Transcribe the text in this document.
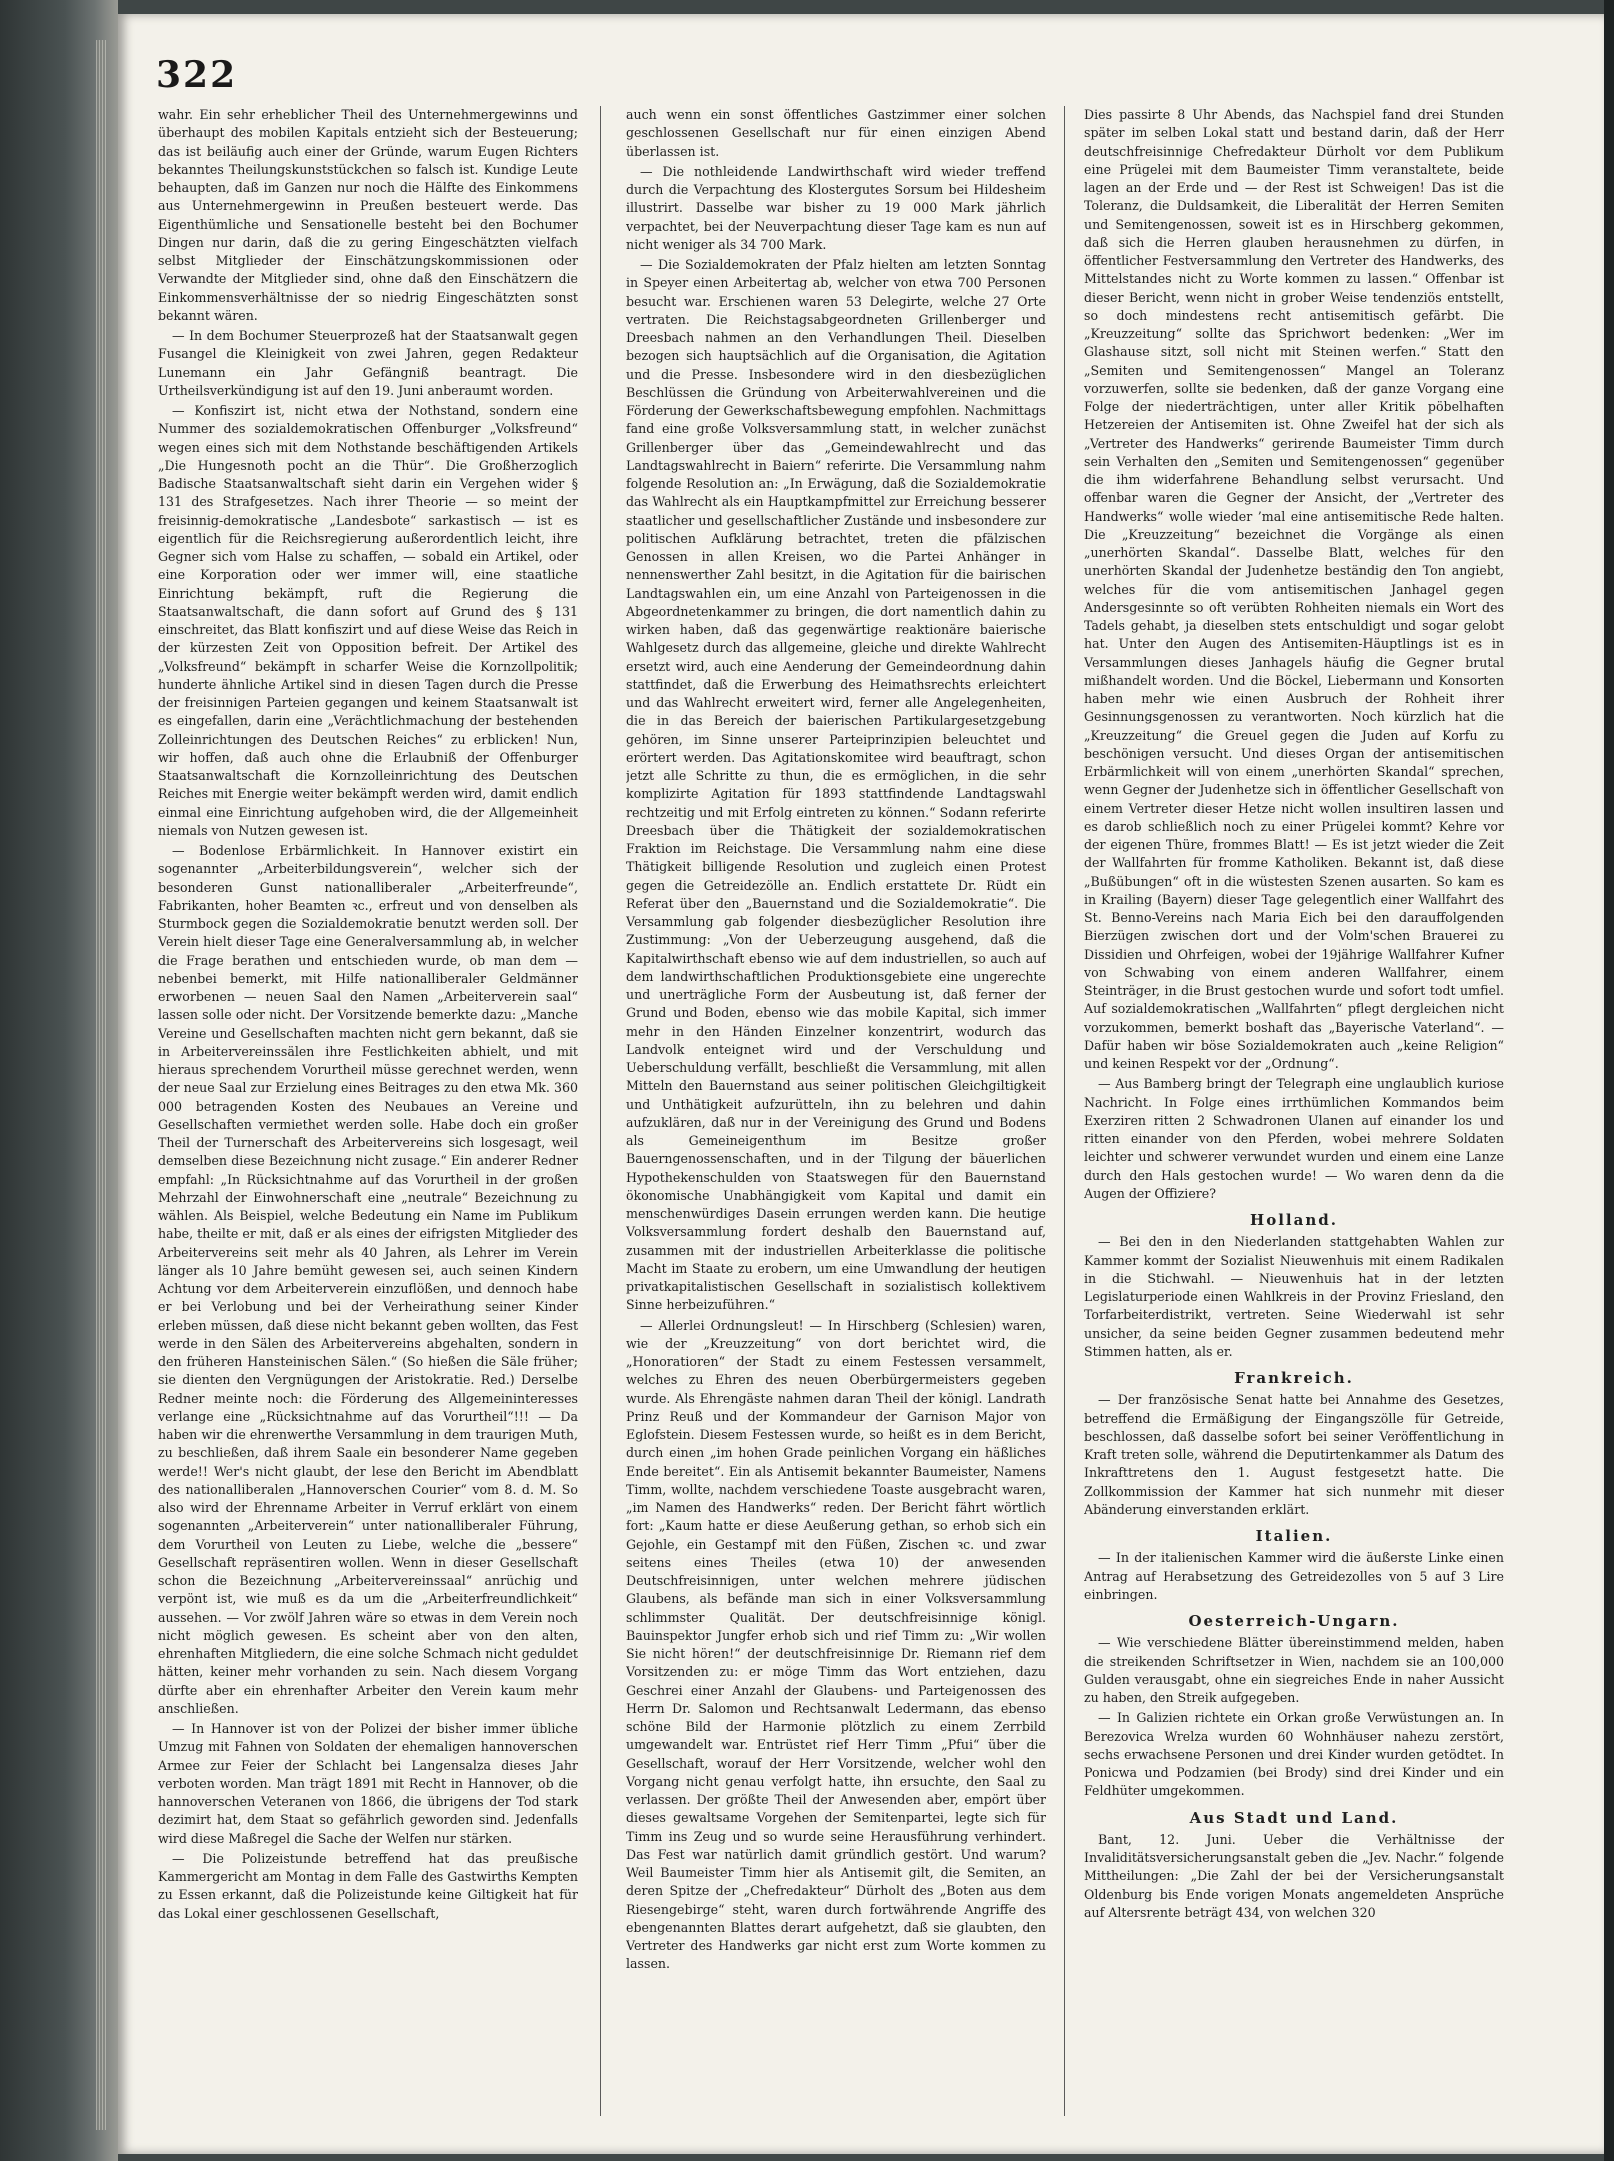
322

wahr. Ein sehr erheblicher Theil des Unternehmergewinns und überhaupt des mobilen Kapitals entzieht sich der Besteuerung; das ist beiläufig auch einer der Gründe, warum Eugen Richters bekanntes Theilungskunststückchen so falsch ist. Kundige Leute behaupten, daß im Ganzen nur noch die Hälfte des Einkommens aus Unternehmergewinn in Preußen besteuert werde. Das Eigenthümliche und Sensationelle besteht bei den Bochumer Dingen nur darin, daß die zu gering Eingeschätzten vielfach selbst Mitglieder der Einschätzungskommissionen oder Verwandte der Mitglieder sind, ohne daß den Einschätzern die Einkommensverhältnisse der so niedrig Eingeschätzten sonst bekannt wären.

— In dem Bochumer Steuerprozeß hat der Staatsanwalt gegen Fusangel die Kleinigkeit von zwei Jahren, gegen Redakteur Lunemann ein Jahr Gefängniß beantragt. Die Urtheilsverkündigung ist auf den 19. Juni anberaumt worden.

— Konfiszirt ist, nicht etwa der Nothstand, sondern eine Nummer des sozialdemokratischen Offenburger „Volksfreund“ wegen eines sich mit dem Nothstande beschäftigenden Artikels „Die Hungesnoth pocht an die Thür“. Die Großherzoglich Badische Staatsanwaltschaft sieht darin ein Vergehen wider § 131 des Strafgesetzes. Nach ihrer Theorie — so meint der freisinnig-demokratische „Landesbote“ sarkastisch — ist es eigentlich für die Reichsregierung außerordentlich leicht, ihre Gegner sich vom Halse zu schaffen, — sobald ein Artikel, oder eine Korporation oder wer immer will, eine staatliche Einrichtung bekämpft, ruft die Regierung die Staatsanwaltschaft, die dann sofort auf Grund des § 131 einschreitet, das Blatt konfiszirt und auf diese Weise das Reich in der kürzesten Zeit von Opposition befreit. Der Artikel des „Volksfreund“ bekämpft in scharfer Weise die Kornzollpolitik; hunderte ähnliche Artikel sind in diesen Tagen durch die Presse der freisinnigen Parteien gegangen und keinem Staatsanwalt ist es eingefallen, darin eine „Verächtlichmachung der bestehenden Zolleinrichtungen des Deutschen Reiches“ zu erblicken! Nun, wir hoffen, daß auch ohne die Erlaubniß der Offenburger Staatsanwaltschaft die Kornzolleinrichtung des Deutschen Reiches mit Energie weiter bekämpft werden wird, damit endlich einmal eine Einrichtung aufgehoben wird, die der Allgemeinheit niemals von Nutzen gewesen ist.

— Bodenlose Erbärmlichkeit. In Hannover existirt ein sogenannter „Arbeiterbildungsverein“, welcher sich der besonderen Gunst nationalliberaler „Arbeiterfreunde“, Fabrikanten, hoher Beamten ꝛc., erfreut und von denselben als Sturmbock gegen die Sozialdemokratie benutzt werden soll. Der Verein hielt dieser Tage eine Generalversammlung ab, in welcher die Frage berathen und entschieden wurde, ob man dem — nebenbei bemerkt, mit Hilfe nationalliberaler Geldmänner erworbenen — neuen Saal den Namen „Arbeiterverein saal“ lassen solle oder nicht. Der Vorsitzende bemerkte dazu: „Manche Vereine und Gesellschaften machten nicht gern bekannt, daß sie in Arbeitervereinssälen ihre Festlichkeiten abhielt, und mit hieraus sprechendem Vorurtheil müsse gerechnet werden, wenn der neue Saal zur Erzielung eines Beitrages zu den etwa Mk. 360 000 betragenden Kosten des Neubaues an Vereine und Gesellschaften vermiethet werden solle. Habe doch ein großer Theil der Turnerschaft des Arbeitervereins sich losgesagt, weil demselben diese Bezeichnung nicht zusage.“ Ein anderer Redner empfahl: „In Rücksichtnahme auf das Vorurtheil in der großen Mehrzahl der Einwohnerschaft eine „neutrale“ Bezeichnung zu wählen. Als Beispiel, welche Bedeutung ein Name im Publikum habe, theilte er mit, daß er als eines der eifrigsten Mitglieder des Arbeitervereins seit mehr als 40 Jahren, als Lehrer im Verein länger als 10 Jahre bemüht gewesen sei, auch seinen Kindern Achtung vor dem Arbeiterverein einzuflößen, und dennoch habe er bei Verlobung und bei der Verheirathung seiner Kinder erleben müssen, daß diese nicht bekannt geben wollten, das Fest werde in den Sälen des Arbeitervereins abgehalten, sondern in den früheren Hansteinischen Sälen.“ (So hießen die Säle früher; sie dienten den Vergnügungen der Aristokratie. Red.) Derselbe Redner meinte noch: die Förderung des Allgemeininteresses verlange eine „Rücksichtnahme auf das Vorurtheil“!!! — Da haben wir die ehrenwerthe Versammlung in dem traurigen Muth, zu beschließen, daß ihrem Saale ein besonderer Name gegeben werde!! Wer's nicht glaubt, der lese den Bericht im Abendblatt des nationalliberalen „Hannoverschen Courier“ vom 8. d. M. So also wird der Ehrenname Arbeiter in Verruf erklärt von einem sogenannten „Arbeiterverein“ unter nationalliberaler Führung, dem Vorurtheil von Leuten zu Liebe, welche die „bessere“ Gesellschaft repräsentiren wollen. Wenn in dieser Gesellschaft schon die Bezeichnung „Arbeitervereinssaal“ anrüchig und verpönt ist, wie muß es da um die „Arbeiterfreundlichkeit“ aussehen. — Vor zwölf Jahren wäre so etwas in dem Verein noch nicht möglich gewesen. Es scheint aber von den alten, ehrenhaften Mitgliedern, die eine solche Schmach nicht geduldet hätten, keiner mehr vorhanden zu sein. Nach diesem Vorgang dürfte aber ein ehrenhafter Arbeiter den Verein kaum mehr anschließen.

— In Hannover ist von der Polizei der bisher immer übliche Umzug mit Fahnen von Soldaten der ehemaligen hannoverschen Armee zur Feier der Schlacht bei Langensalza dieses Jahr verboten worden. Man trägt 1891 mit Recht in Hannover, ob die hannoverschen Veteranen von 1866, die übrigens der Tod stark dezimirt hat, dem Staat so gefährlich geworden sind. Jedenfalls wird diese Maßregel die Sache der Welfen nur stärken.

— Die Polizeistunde betreffend hat das preußische Kammergericht am Montag in dem Falle des Gastwirths Kempten zu Essen erkannt, daß die Polizeistunde keine Giltigkeit hat für das Lokal einer geschlossenen Gesellschaft,

auch wenn ein sonst öffentliches Gastzimmer einer solchen geschlossenen Gesellschaft nur für einen einzigen Abend überlassen ist.

— Die nothleidende Landwirthschaft wird wieder treffend durch die Verpachtung des Klostergutes Sorsum bei Hildesheim illustrirt. Dasselbe war bisher zu 19 000 Mark jährlich verpachtet, bei der Neuverpachtung dieser Tage kam es nun auf nicht weniger als 34 700 Mark.

— Die Sozialdemokraten der Pfalz hielten am letzten Sonntag in Speyer einen Arbeitertag ab, welcher von etwa 700 Personen besucht war. Erschienen waren 53 Delegirte, welche 27 Orte vertraten. Die Reichstagsabgeordneten Grillenberger und Dreesbach nahmen an den Verhandlungen Theil. Dieselben bezogen sich hauptsächlich auf die Organisation, die Agitation und die Presse. Insbesondere wird in den diesbezüglichen Beschlüssen die Gründung von Arbeiterwahlvereinen und die Förderung der Gewerkschaftsbewegung empfohlen. Nachmittags fand eine große Volksversammlung statt, in welcher zunächst Grillenberger über das „Gemeindewahlrecht und das Landtagswahlrecht in Baiern“ referirte. Die Versammlung nahm folgende Resolution an: „In Erwägung, daß die Sozialdemokratie das Wahlrecht als ein Hauptkampfmittel zur Erreichung besserer staatlicher und gesellschaftlicher Zustände und insbesondere zur politischen Aufklärung betrachtet, treten die pfälzischen Genossen in allen Kreisen, wo die Partei Anhänger in nennenswerther Zahl besitzt, in die Agitation für die bairischen Landtagswahlen ein, um eine Anzahl von Parteigenossen in die Abgeordnetenkammer zu bringen, die dort namentlich dahin zu wirken haben, daß das gegenwärtige reaktionäre baierische Wahlgesetz durch das allgemeine, gleiche und direkte Wahlrecht ersetzt wird, auch eine Aenderung der Gemeindeordnung dahin stattfindet, daß die Erwerbung des Heimathsrechts erleichtert und das Wahlrecht erweitert wird, ferner alle Angelegenheiten, die in das Bereich der baierischen Partikulargesetzgebung gehören, im Sinne unserer Parteiprinzipien beleuchtet und erörtert werden. Das Agitationskomitee wird beauftragt, schon jetzt alle Schritte zu thun, die es ermöglichen, in die sehr komplizirte Agitation für 1893 stattfindende Landtagswahl rechtzeitig und mit Erfolg eintreten zu können.“ Sodann referirte Dreesbach über die Thätigkeit der sozialdemokratischen Fraktion im Reichstage. Die Versammlung nahm eine diese Thätigkeit billigende Resolution und zugleich einen Protest gegen die Getreidezölle an. Endlich erstattete Dr. Rüdt ein Referat über den „Bauernstand und die Sozialdemokratie“. Die Versammlung gab folgender diesbezüglicher Resolution ihre Zustimmung: „Von der Ueberzeugung ausgehend, daß die Kapitalwirthschaft ebenso wie auf dem industriellen, so auch auf dem landwirthschaftlichen Produktionsgebiete eine ungerechte und unerträgliche Form der Ausbeutung ist, daß ferner der Grund und Boden, ebenso wie das mobile Kapital, sich immer mehr in den Händen Einzelner konzentrirt, wodurch das Landvolk enteignet wird und der Verschuldung und Ueberschuldung verfällt, beschließt die Versammlung, mit allen Mitteln den Bauernstand aus seiner politischen Gleichgiltigkeit und Unthätigkeit aufzurütteln, ihn zu belehren und dahin aufzuklären, daß nur in der Vereinigung des Grund und Bodens als Gemeineigenthum im Besitze großer Bauerngenossenschaften, und in der Tilgung der bäuerlichen Hypothekenschulden von Staatswegen für den Bauernstand ökonomische Unabhängigkeit vom Kapital und damit ein menschenwürdiges Dasein errungen werden kann. Die heutige Volksversammlung fordert deshalb den Bauernstand auf, zusammen mit der industriellen Arbeiterklasse die politische Macht im Staate zu erobern, um eine Umwandlung der heutigen privatkapitalistischen Gesellschaft in sozialistisch kollektivem Sinne herbeizuführen.“

— Allerlei Ordnungsleut! — In Hirschberg (Schlesien) waren, wie der „Kreuzzeitung“ von dort berichtet wird, die „Honoratioren“ der Stadt zu einem Festessen versammelt, welches zu Ehren des neuen Oberbürgermeisters gegeben wurde. Als Ehrengäste nahmen daran Theil der königl. Landrath Prinz Reuß und der Kommandeur der Garnison Major von Eglofstein. Diesem Festessen wurde, so heißt es in dem Bericht, durch einen „im hohen Grade peinlichen Vorgang ein häßliches Ende bereitet“. Ein als Antisemit bekannter Baumeister, Namens Timm, wollte, nachdem verschiedene Toaste ausgebracht waren, „im Namen des Handwerks“ reden. Der Bericht fährt wörtlich fort: „Kaum hatte er diese Aeußerung gethan, so erhob sich ein Gejohle, ein Gestampf mit den Füßen, Zischen ꝛc. und zwar seitens eines Theiles (etwa 10) der anwesenden Deutschfreisinnigen, unter welchen mehrere jüdischen Glaubens, als befände man sich in einer Volksversammlung schlimmster Qualität. Der deutschfreisinnige königl. Bauinspektor Jungfer erhob sich und rief Timm zu: „Wir wollen Sie nicht hören!“ der deutschfreisinnige Dr. Riemann rief dem Vorsitzenden zu: er möge Timm das Wort entziehen, dazu Geschrei einer Anzahl der Glaubens- und Parteigenossen des Herrn Dr. Salomon und Rechtsanwalt Ledermann, das ebenso schöne Bild der Harmonie plötzlich zu einem Zerrbild umgewandelt war. Entrüstet rief Herr Timm „Pfui“ über die Gesellschaft, worauf der Herr Vorsitzende, welcher wohl den Vorgang nicht genau verfolgt hatte, ihn ersuchte, den Saal zu verlassen. Der größte Theil der Anwesenden aber, empört über dieses gewaltsame Vorgehen der Semitenpartei, legte sich für Timm ins Zeug und so wurde seine Herausführung verhindert. Das Fest war natürlich damit gründlich gestört. Und warum? Weil Baumeister Timm hier als Antisemit gilt, die Semiten, an deren Spitze der „Chefredakteur“ Dürholt des „Boten aus dem Riesengebirge“ steht, waren durch fortwährende Angriffe des ebengenannten Blattes derart aufgehetzt, daß sie glaubten, den Vertreter des Handwerks gar nicht erst zum Worte kommen zu lassen.

Dies passirte 8 Uhr Abends, das Nachspiel fand drei Stunden später im selben Lokal statt und bestand darin, daß der Herr deutschfreisinnige Chefredakteur Dürholt vor dem Publikum eine Prügelei mit dem Baumeister Timm veranstaltete, beide lagen an der Erde und — der Rest ist Schweigen! Das ist die Toleranz, die Duldsamkeit, die Liberalität der Herren Semiten und Semitengenossen, soweit ist es in Hirschberg gekommen, daß sich die Herren glauben herausnehmen zu dürfen, in öffentlicher Festversammlung den Vertreter des Handwerks, des Mittelstandes nicht zu Worte kommen zu lassen.“ Offenbar ist dieser Bericht, wenn nicht in grober Weise tendenziös entstellt, so doch mindestens recht antisemitisch gefärbt. Die „Kreuzzeitung“ sollte das Sprichwort bedenken: „Wer im Glashause sitzt, soll nicht mit Steinen werfen.“ Statt den „Semiten und Semitengenossen“ Mangel an Toleranz vorzuwerfen, sollte sie bedenken, daß der ganze Vorgang eine Folge der niederträchtigen, unter aller Kritik pöbelhaften Hetzereien der Antisemiten ist. Ohne Zweifel hat der sich als „Vertreter des Handwerks“ gerirende Baumeister Timm durch sein Verhalten den „Semiten und Semitengenossen“ gegenüber die ihm widerfahrene Behandlung selbst verursacht. Und offenbar waren die Gegner der Ansicht, der „Vertreter des Handwerks“ wolle wieder ’mal eine antisemitische Rede halten. Die „Kreuzzeitung“ bezeichnet die Vorgänge als einen „unerhörten Skandal“. Dasselbe Blatt, welches für den unerhörten Skandal der Judenhetze beständig den Ton angiebt, welches für die vom antisemitischen Janhagel gegen Andersgesinnte so oft verübten Rohheiten niemals ein Wort des Tadels gehabt, ja dieselben stets entschuldigt und sogar gelobt hat. Unter den Augen des Antisemiten-Häuptlings ist es in Versammlungen dieses Janhagels häufig die Gegner brutal mißhandelt worden. Und die Böckel, Liebermann und Konsorten haben mehr wie einen Ausbruch der Rohheit ihrer Gesinnungsgenossen zu verantworten. Noch kürzlich hat die „Kreuzzeitung“ die Greuel gegen die Juden auf Korfu zu beschönigen versucht. Und dieses Organ der antisemitischen Erbärmlichkeit will von einem „unerhörten Skandal“ sprechen, wenn Gegner der Judenhetze sich in öffentlicher Gesellschaft von einem Vertreter dieser Hetze nicht wollen insultiren lassen und es darob schließlich noch zu einer Prügelei kommt? Kehre vor der eigenen Thüre, frommes Blatt! — Es ist jetzt wieder die Zeit der Wallfahrten für fromme Katholiken. Bekannt ist, daß diese „Bußübungen“ oft in die wüstesten Szenen ausarten. So kam es in Krailing (Bayern) dieser Tage gelegentlich einer Wallfahrt des St. Benno-Vereins nach Maria Eich bei den darauffolgenden Bierzügen zwischen dort und der Volm'schen Brauerei zu Dissidien und Ohrfeigen, wobei der 19jährige Wallfahrer Kufner von Schwabing von einem anderen Wallfahrer, einem Steinträger, in die Brust gestochen wurde und sofort todt umfiel. Auf sozialdemokratischen „Wallfahrten“ pflegt dergleichen nicht vorzukommen, bemerkt boshaft das „Bayerische Vaterland“. — Dafür haben wir böse Sozialdemokraten auch „keine Religion“ und keinen Respekt vor der „Ordnung“.

— Aus Bamberg bringt der Telegraph eine unglaublich kuriose Nachricht. In Folge eines irrthümlichen Kommandos beim Exerziren ritten 2 Schwadronen Ulanen auf einander los und ritten einander von den Pferden, wobei mehrere Soldaten leichter und schwerer verwundet wurden und einem eine Lanze durch den Hals gestochen wurde! — Wo waren denn da die Augen der Offiziere?

Holland.

— Bei den in den Niederlanden stattgehabten Wahlen zur Kammer kommt der Sozialist Nieuwenhuis mit einem Radikalen in die Stichwahl. — Nieuwenhuis hat in der letzten Legislaturperiode einen Wahlkreis in der Provinz Friesland, den Torfarbeiterdistrikt, vertreten. Seine Wiederwahl ist sehr unsicher, da seine beiden Gegner zusammen bedeutend mehr Stimmen hatten, als er.

Frankreich.

— Der französische Senat hatte bei Annahme des Gesetzes, betreffend die Ermäßigung der Eingangszölle für Getreide, beschlossen, daß dasselbe sofort bei seiner Veröffentlichung in Kraft treten solle, während die Deputirtenkammer als Datum des Inkrafttretens den 1. August festgesetzt hatte. Die Zollkommission der Kammer hat sich nunmehr mit dieser Abänderung einverstanden erklärt.

Italien.

— In der italienischen Kammer wird die äußerste Linke einen Antrag auf Herabsetzung des Getreidezolles von 5 auf 3 Lire einbringen.

Oesterreich-Ungarn.

— Wie verschiedene Blätter übereinstimmend melden, haben die streikenden Schriftsetzer in Wien, nachdem sie an 100,000 Gulden verausgabt, ohne ein siegreiches Ende in naher Aussicht zu haben, den Streik aufgegeben.

— In Galizien richtete ein Orkan große Verwüstungen an. In Berezovica Wrelza wurden 60 Wohnhäuser nahezu zerstört, sechs erwachsene Personen und drei Kinder wurden getödtet. In Ponicwa und Podzamien (bei Brody) sind drei Kinder und ein Feldhüter umgekommen.

Aus Stadt und Land.

Bant, 12. Juni. Ueber die Verhältnisse der Invaliditätsversicherungsanstalt geben die „Jev. Nachr.“ folgende Mittheilungen: „Die Zahl der bei der Versicherungsanstalt Oldenburg bis Ende vorigen Monats angemeldeten Ansprüche auf Altersrente beträgt 434, von welchen 320
